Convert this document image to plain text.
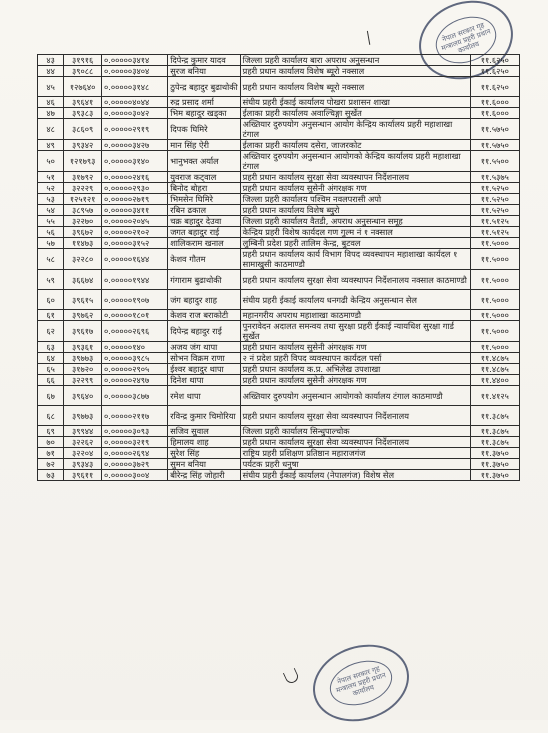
नेपाल सरकार गृह मन्त्रालय प्रहरी प्रधान कार्यालय
४३	३१९१६	०.०००००३४१४	दिपेन्द्र कुमार यादव	जिल्ला प्रहरी कार्यालय बारा अपराध अनुसन्धान	११.६२५०
४४	३९०८८	०.०००००३४०४	सुरज बनिया	प्रहरी प्रधान कार्यालय विशेष ब्यूरो नक्साल	११.६२५०
४५	१२७६४०	०.०००००३१४८	ठुपेन्द्र बहादुर बुढाथोकी	प्रहरी प्रधान कार्यालय विशेष ब्यूरो नक्साल	११.६२५०
४६	३९६४१	०.०००००४०४४	रुद्र प्रसाद शर्मा	संघीय प्रहरी ईकाई कार्यालय पोखरा प्रशासन शाखा	११.६०००
४७	३९३८३	०.०००००३०४२	भिम बहादुर खड्का	ईलाका प्रहरी कार्यालय अवाल्चिङ्गा सुर्खेत	११.६०००
४८	३८६०९	०.०००००२९१९	दिपक घिमिरे	अख्तियार दुरुपयोग अनुसन्धान आयोग केन्द्रिय कार्यालय प्रहरी महाशाखा टंगाल	११.५७५०
४९	३९३४२	०.०००००३४२७	मान सिंह ऐरी	ईलाका प्रहरी कार्यालय दसेरा, जाजरकोट	११.५७५०
५०	१२१७९३	०.०००००३१४०	भानुभक्त अर्याल	अख्तियार दुरुपयोग अनुसन्धान आयोगको केन्द्रिय कार्यालय प्रहरी महाशाखा टंगाल	११.५५००
५१	३१७९२	०.०००००२४१६	युवराज कट्वाल	प्रहरी प्रधान कार्यालय सुरक्षा सेवा व्यवस्थापन निर्देशनालय	११.५३७५
५२	३२२२९	०.०००००२९३०	बिनोद बोहरा	प्रहरी प्रधान कार्यालय सुसेनी अंगरक्षक गण	११.५२५०
५३	१२५१२१	०.०००००२७१९	भिमसेन घिमिरे	जिल्ला प्रहरी कार्यालय पश्चिम नवलपरासी अपो	११.५२५०
५४	३८९५७	०.०००००३४११	रबिन ढकाल	प्रहरी प्रधान कार्यालय विशेष ब्युरो	११.५२५०
५५	३२२७०	०.०००००२०४५	चक्र बहादुर देउवा	जिल्ला प्रहरी कार्यालय वैतडी, अपराध अनुसन्धान समूह	११.५१२५
५६	३९६७२	०.०००००२१०२	जगत बहादुर राई	केन्द्रिय प्रहरी विशेष कार्यदल गण गुल्म नं १ नक्साल	११.५१२५
५७	११४७३	०.०००००३१५२	शालिकराम खनाल	लुम्बिनी प्रदेश प्रहरी तालिम केन्द्र, बुटवल	११.५०००
५८	३२२८०	०.०००००१६४४	केशव गौतम	प्रहरी प्रधान कार्यालय कार्य विभाग विपद व्यवस्थापन महाशाखा कार्यदल १ सामाखुसी काठमाण्डौ	११.५०००
५९	३६६७४	०.०००००१९४४	गंगाराम बुढाथोकी	प्रहरी प्रधान कार्यालय सुरक्षा सेवा व्यवस्थापन निर्देशनालय नक्साल काठमाण्डौ	११.५०००
६०	३९६१५	०.०००००१९०७	जंग बहादुर शाह	संघीय प्रहरी ईकाई कार्यालय धनगढी केन्द्रिय अनुसन्धान सेल	११.५०००
६१	३९७६२	०.०००००१८०१	केशव राज बराकोटी	महानगरीय अपराध महाशाखा काठमाण्डौ	११.५०००
६२	३९६१७	०.०००००२६९६	दिपेन्द्र बहादुर राई	पुनरावेदन अदालत समन्वय तथा सुरक्षा प्रहरी ईकाई न्यायधिश सुरक्षा गार्ड सुर्खेत	११.५०००
६३	३९३६१	०.०००००१४०	अजय जंग थापा	प्रहरी प्रधान कार्यालय सुसेनी अंगरक्षक गण	११.५०००
६४	३९७७३	०.०००००३९८५	सोभन विक्रम राणा	२ नं प्रदेश प्रहरी विपद व्यवस्थापन कार्यदल पर्सा	११.४८७५
६५	३१७२०	०.०००००२९०५	ईश्वर बहादुर थापा	प्रहरी प्रधान कार्यालय क.प्र. अभिलेख उपशाखा	११.४८७५
६६	३२२९९	०.०००००२४९७	दिनेश थापा	प्रहरी प्रधान कार्यालय सुसेनी अंगरक्षक गण	११.४४००
६७	३९६४०	०.०००००३८७७	रमेश थापा	अख्तियार दुरुपयोग अनुसन्धान आयोगको कार्यालय टंगाल काठमाण्डौ	११.४१२५
६८	३९७७३	०.०००००२११७	रविन्द्र कुमार चिमोरिया	प्रहरी प्रधान कार्यालय सुरक्षा सेवा व्यवस्थापन निर्देशनालय	११.३८७५
६९	३९९४४	०.०००००३०९३	सजिव सुवाल	जिल्ला प्रहरी कार्यालय सिन्धुपाल्चोक	११.३८७५
७०	३२२६२	०.०००००३२१९	हिमालय शाह	प्रहरी प्रधान कार्यालय सुरक्षा सेवा व्यवस्थापन निर्देशनालय	११.३८७५
७१	३२२०४	०.०००००२६९४	सुरेश सिंह	राष्ट्रिय प्रहरी प्रशिक्षण प्रतिष्ठान महाराजगंज	११.३७५०
७२	३९३४३	०.०००००३७२९	सुमन बनिया	पर्यटक प्रहरी धनुषा	११.३७५०
७३	३९६११	०.०००००३००४	बीरेन्द्र सिंह जोहारी	संघीय प्रहरी ईकाई कार्यालय (नेपालगंज) विशेष सेल	११.३७५०
नेपाल सरकार गृह मन्त्रालय प्रहरी प्रधान कार्यालय
